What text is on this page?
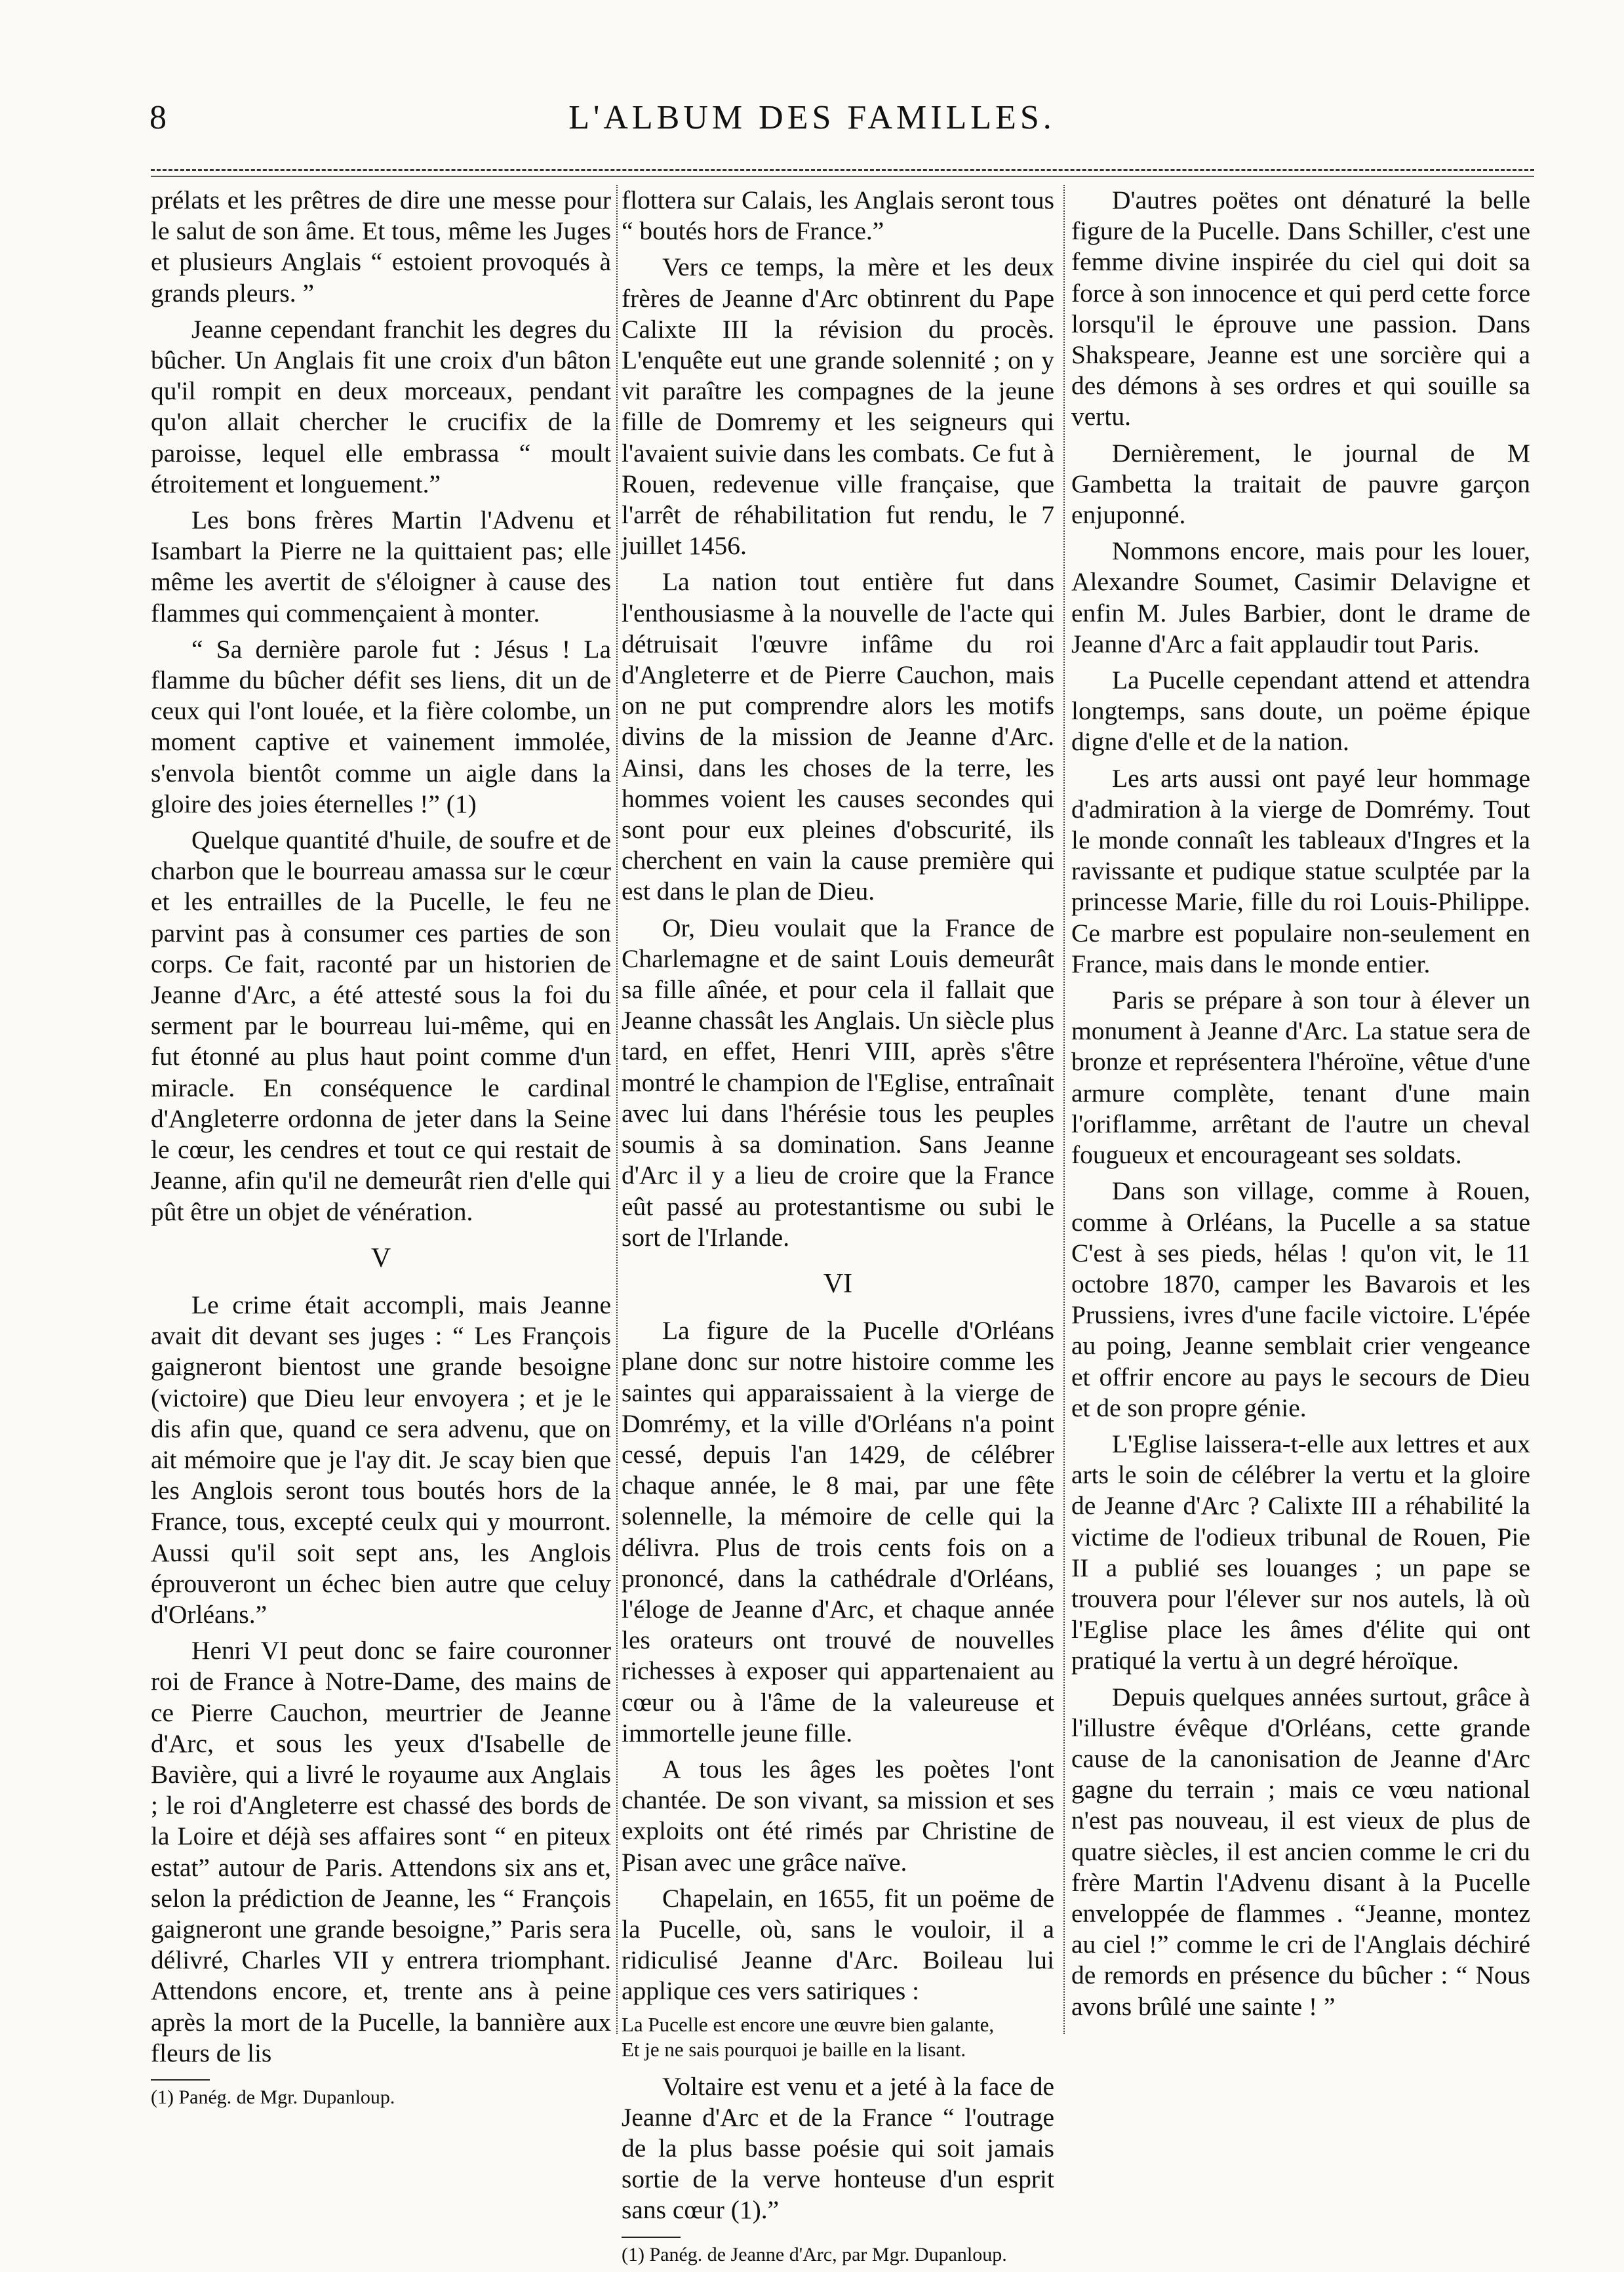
8	L'ALBUM DES FAMILLES.

prélats et les prêtres de dire une messe pour le salut de son âme. Et tous, même les Juges et plusieurs Anglais “ estoient provoqués à grands pleurs. ”

Jeanne cependant franchit les degres du bûcher. Un Anglais fit une croix d'un bâton qu'il rompit en deux morceaux, pendant qu'on allait chercher le crucifix de la paroisse, lequel elle embrassa “ moult étroitement et longuement.”

Les bons frères Martin l'Advenu et Isambart la Pierre ne la quittaient pas; elle même les avertit de s'éloigner à cause des flammes qui commençaient à monter.

“ Sa dernière parole fut : Jésus ! La flamme du bûcher défit ses liens, dit un de ceux qui l'ont louée, et la fière colombe, un moment captive et vainement immolée, s'envola bientôt comme un aigle dans la gloire des joies éternelles !” (1)

Quelque quantité d'huile, de soufre et de charbon que le bourreau amassa sur le cœur et les entrailles de la Pucelle, le feu ne parvint pas à consumer ces parties de son corps. Ce fait, raconté par un historien de Jeanne d'Arc, a été attesté sous la foi du serment par le bourreau lui-même, qui en fut étonné au plus haut point comme d'un miracle. En conséquence le cardinal d'Angleterre ordonna de jeter dans la Seine le cœur, les cendres et tout ce qui restait de Jeanne, afin qu'il ne demeurât rien d'elle qui pût être un objet de vénération.

V

Le crime était accompli, mais Jeanne avait dit devant ses juges : “ Les François gaigneront bientost une grande besoigne (victoire) que Dieu leur envoyera ; et je le dis afin que, quand ce sera advenu, que on ait mémoire que je l'ay dit. Je scay bien que les Anglois seront tous boutés hors de la France, tous, excepté ceulx qui y mourront. Aussi qu'il soit sept ans, les Anglois éprouveront un échec bien autre que celuy d'Orléans.”

Henri VI peut donc se faire couronner roi de France à Notre-Dame, des mains de ce Pierre Cauchon, meurtrier de Jeanne d'Arc, et sous les yeux d'Isabelle de Bavière, qui a livré le royaume aux Anglais ; le roi d'Angleterre est chassé des bords de la Loire et déjà ses affaires sont “ en piteux estat” autour de Paris. Attendons six ans et, selon la prédiction de Jeanne, les “ François gaigneront une grande besoigne,” Paris sera délivré, Charles VII y entrera triomphant. Attendons encore, et, trente ans à peine après la mort de la Pucelle, la bannière aux fleurs de lis

(1) Panég. de Mgr. Dupanloup.

flottera sur Calais, les Anglais seront tous “ boutés hors de France.”

Vers ce temps, la mère et les deux frères de Jeanne d'Arc obtinrent du Pape Calixte III la révision du procès. L'enquête eut une grande solennité ; on y vit paraître les compagnes de la jeune fille de Domremy et les seigneurs qui l'avaient suivie dans les combats. Ce fut à Rouen, redevenue ville française, que l'arrêt de réhabilitation fut rendu, le 7 juillet 1456.

La nation tout entière fut dans l'enthousiasme à la nouvelle de l'acte qui détruisait l'œuvre infâme du roi d'Angleterre et de Pierre Cauchon, mais on ne put comprendre alors les motifs divins de la mission de Jeanne d'Arc. Ainsi, dans les choses de la terre, les hommes voient les causes secondes qui sont pour eux pleines d'obscurité, ils cherchent en vain la cause première qui est dans le plan de Dieu.

Or, Dieu voulait que la France de Charlemagne et de saint Louis demeurât sa fille aînée, et pour cela il fallait que Jeanne chassât les Anglais. Un siècle plus tard, en effet, Henri VIII, après s'être montré le champion de l'Eglise, entraînait avec lui dans l'hérésie tous les peuples soumis à sa domination. Sans Jeanne d'Arc il y a lieu de croire que la France eût passé au protestantisme ou subi le sort de l'Irlande.

VI

La figure de la Pucelle d'Orléans plane donc sur notre histoire comme les saintes qui apparaissaient à la vierge de Domrémy, et la ville d'Orléans n'a point cessé, depuis l'an 1429, de célébrer chaque année, le 8 mai, par une fête solennelle, la mémoire de celle qui la délivra. Plus de trois cents fois on a prononcé, dans la cathédrale d'Orléans, l'éloge de Jeanne d'Arc, et chaque année les orateurs ont trouvé de nouvelles richesses à exposer qui appartenaient au cœur ou à l'âme de la valeureuse et immortelle jeune fille.

A tous les âges les poètes l'ont chantée. De son vivant, sa mission et ses exploits ont été rimés par Christine de Pisan avec une grâce naïve.

Chapelain, en 1655, fit un poëme de la Pucelle, où, sans le vouloir, il a ridiculisé Jeanne d'Arc. Boileau lui applique ces vers satiriques :

La Pucelle est encore une œuvre bien galante,
Et je ne sais pourquoi je baille en la lisant.

Voltaire est venu et a jeté à la face de Jeanne d'Arc et de la France “ l'outrage de la plus basse poésie qui soit jamais sortie de la verve honteuse d'un esprit sans cœur (1).”

(1) Panég. de Jeanne d'Arc, par Mgr. Dupanloup.

D'autres poëtes ont dénaturé la belle figure de la Pucelle. Dans Schiller, c'est une femme divine inspirée du ciel qui doit sa force à son innocence et qui perd cette force lorsqu'il le éprouve une passion. Dans Shakspeare, Jeanne est une sorcière qui a des démons à ses ordres et qui souille sa vertu.

Dernièrement, le journal de M Gambetta la traitait de pauvre garçon enjuponné.

Nommons encore, mais pour les louer, Alexandre Soumet, Casimir Delavigne et enfin M. Jules Barbier, dont le drame de Jeanne d'Arc a fait applaudir tout Paris.

La Pucelle cependant attend et attendra longtemps, sans doute, un poëme épique digne d'elle et de la nation.

Les arts aussi ont payé leur hommage d'admiration à la vierge de Domrémy. Tout le monde connaît les tableaux d'Ingres et la ravissante et pudique statue sculptée par la princesse Marie, fille du roi Louis-Philippe. Ce marbre est populaire non-seulement en France, mais dans le monde entier.

Paris se prépare à son tour à élever un monument à Jeanne d'Arc. La statue sera de bronze et représentera l'héroïne, vêtue d'une armure complète, tenant d'une main l'oriflamme, arrêtant de l'autre un cheval fougueux et encourageant ses soldats.

Dans son village, comme à Rouen, comme à Orléans, la Pucelle a sa statue C'est à ses pieds, hélas ! qu'on vit, le 11 octobre 1870, camper les Bavarois et les Prussiens, ivres d'une facile victoire. L'épée au poing, Jeanne semblait crier vengeance et offrir encore au pays le secours de Dieu et de son propre génie.

L'Eglise laissera-t-elle aux lettres et aux arts le soin de célébrer la vertu et la gloire de Jeanne d'Arc ? Calixte III a réhabilité la victime de l'odieux tribunal de Rouen, Pie II a publié ses louanges ; un pape se trouvera pour l'élever sur nos autels, là où l'Eglise place les âmes d'élite qui ont pratiqué la vertu à un degré héroïque.

Depuis quelques années surtout, grâce à l'illustre évêque d'Orléans, cette grande cause de la canonisation de Jeanne d'Arc gagne du terrain ; mais ce vœu national n'est pas nouveau, il est vieux de plus de quatre siècles, il est ancien comme le cri du frère Martin l'Advenu disant à la Pucelle enveloppée de flammes . “Jeanne, montez au ciel !” comme le cri de l'Anglais déchiré de remords en présence du bûcher : “ Nous avons brûlé une sainte ! ”
